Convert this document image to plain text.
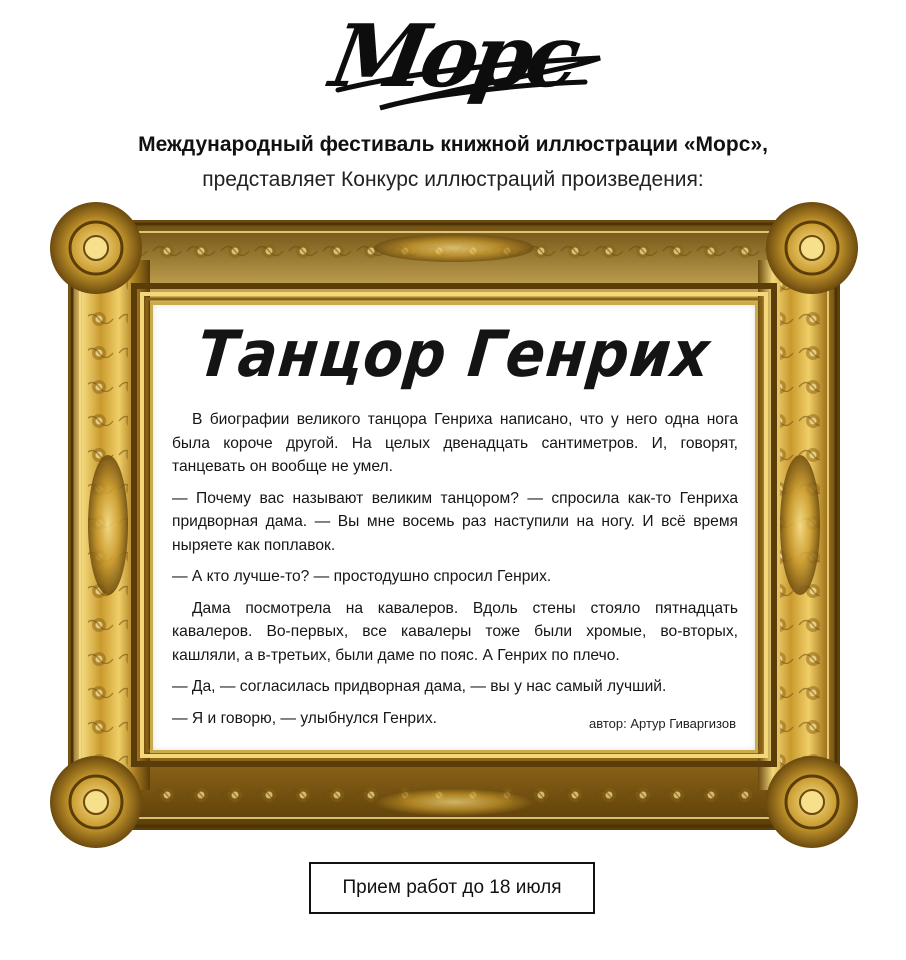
Морс
Международный фестиваль книжной иллюстрации «Морс»,
представляет Конкурс иллюстраций произведения:
Танцор Генрих

В биографии великого танцора Генриха написано, что у него одна нога была короче другой. На целых двенадцать сантиметров. И, говорят, танцевать он вообще не умел.

— Почему вас называют великим танцором? — спросила как-то Генриха придворная дама. — Вы мне восемь раз наступили на ногу. И всё время ныряете как поплавок.

— А кто лучше-то? — простодушно спросил Генрих.

Дама посмотрела на кавалеров. Вдоль стены стояло пятнадцать кавалеров. Во-первых, все кавалеры тоже были хромые, во-вторых, кашляли, а в-третьих, были даме по пояс. А Генрих по плечо.

— Да, — согласилась придворная дама, — вы у нас самый лучший.

— Я и говорю, — улыбнулся Генрих.	автор: Артур Гиваргизов
Прием работ до 18 июля
